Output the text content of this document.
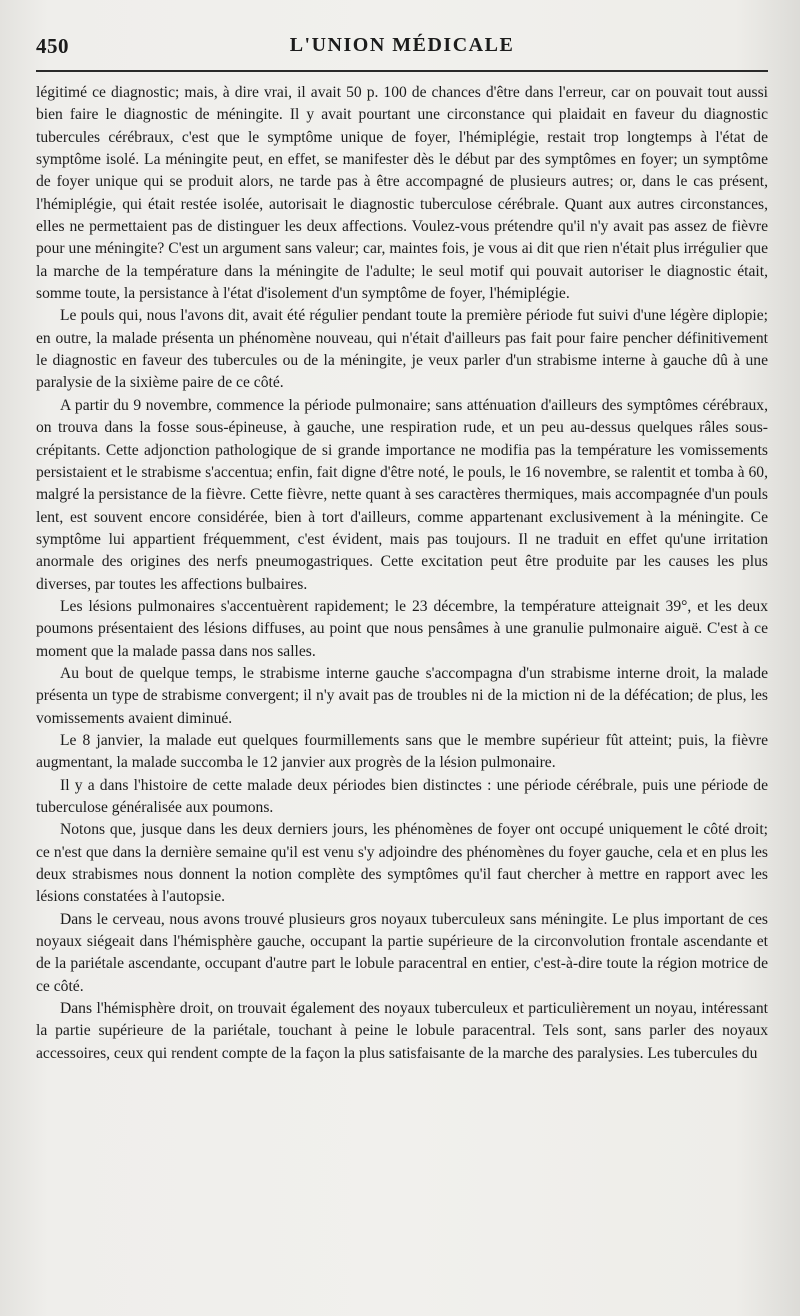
450	L'UNION MÉDICALE

légitimé ce diagnostic; mais, à dire vrai, il avait 50 p. 100 de chances d'être dans l'erreur, car on pouvait tout aussi bien faire le diagnostic de méningite. Il y avait pourtant une circonstance qui plaidait en faveur du diagnostic tubercules cérébraux, c'est que le symptôme unique de foyer, l'hémiplégie, restait trop longtemps à l'état de symptôme isolé. La méningite peut, en effet, se manifester dès le début par des symptômes en foyer; un symptôme de foyer unique qui se produit alors, ne tarde pas à être accompagné de plusieurs autres; or, dans le cas présent, l'hémiplégie, qui était restée isolée, autorisait le diagnostic tuberculose cérébrale. Quant aux autres circonstances, elles ne permettaient pas de distinguer les deux affections. Voulez-vous prétendre qu'il n'y avait pas assez de fièvre pour une méningite? C'est un argument sans valeur; car, maintes fois, je vous ai dit que rien n'était plus irrégulier que la marche de la température dans la méningite de l'adulte; le seul motif qui pouvait autoriser le diagnostic était, somme toute, la persistance à l'état d'isolement d'un symptôme de foyer, l'hémiplégie.

Le pouls qui, nous l'avons dit, avait été régulier pendant toute la première période fut suivi d'une légère diplopie; en outre, la malade présenta un phénomène nouveau, qui n'était d'ailleurs pas fait pour faire pencher définitivement le diagnostic en faveur des tubercules ou de la méningite, je veux parler d'un strabisme interne à gauche dû à une paralysie de la sixième paire de ce côté.

A partir du 9 novembre, commence la période pulmonaire; sans atténuation d'ailleurs des symptômes cérébraux, on trouva dans la fosse sous-épineuse, à gauche, une respiration rude, et un peu au-dessus quelques râles sous-crépitants. Cette adjonction pathologique de si grande importance ne modifia pas la température les vomissements persistaient et le strabisme s'accentua; enfin, fait digne d'être noté, le pouls, le 16 novembre, se ralentit et tomba à 60, malgré la persistance de la fièvre. Cette fièvre, nette quant à ses caractères thermiques, mais accompagnée d'un pouls lent, est souvent encore considérée, bien à tort d'ailleurs, comme appartenant exclusivement à la méningite. Ce symptôme lui appartient fréquemment, c'est évident, mais pas toujours. Il ne traduit en effet qu'une irritation anormale des origines des nerfs pneumogastriques. Cette excitation peut être produite par les causes les plus diverses, par toutes les affections bulbaires.

Les lésions pulmonaires s'accentuèrent rapidement; le 23 décembre, la température atteignait 39°, et les deux poumons présentaient des lésions diffuses, au point que nous pensâmes à une granulie pulmonaire aiguë. C'est à ce moment que la malade passa dans nos salles.

Au bout de quelque temps, le strabisme interne gauche s'accompagna d'un strabisme interne droit, la malade présenta un type de strabisme convergent; il n'y avait pas de troubles ni de la miction ni de la défécation; de plus, les vomissements avaient diminué.

Le 8 janvier, la malade eut quelques fourmillements sans que le membre supérieur fût atteint; puis, la fièvre augmentant, la malade succomba le 12 janvier aux progrès de la lésion pulmonaire.

Il y a dans l'histoire de cette malade deux périodes bien distinctes : une période cérébrale, puis une période de tuberculose généralisée aux poumons.

Notons que, jusque dans les deux derniers jours, les phénomènes de foyer ont occupé uniquement le côté droit; ce n'est que dans la dernière semaine qu'il est venu s'y adjoindre des phénomènes du foyer gauche, cela et en plus les deux strabismes nous donnent la notion complète des symptômes qu'il faut chercher à mettre en rapport avec les lésions constatées à l'autopsie.

Dans le cerveau, nous avons trouvé plusieurs gros noyaux tuberculeux sans méningite. Le plus important de ces noyaux siégeait dans l'hémisphère gauche, occupant la partie supérieure de la circonvolution frontale ascendante et de la pariétale ascendante, occupant d'autre part le lobule paracentral en entier, c'est-à-dire toute la région motrice de ce côté.

Dans l'hémisphère droit, on trouvait également des noyaux tuberculeux et particulièrement un noyau, intéressant la partie supérieure de la pariétale, touchant à peine le lobule paracentral. Tels sont, sans parler des noyaux accessoires, ceux qui rendent compte de la façon la plus satisfaisante de la marche des paralysies. Les tubercules du
